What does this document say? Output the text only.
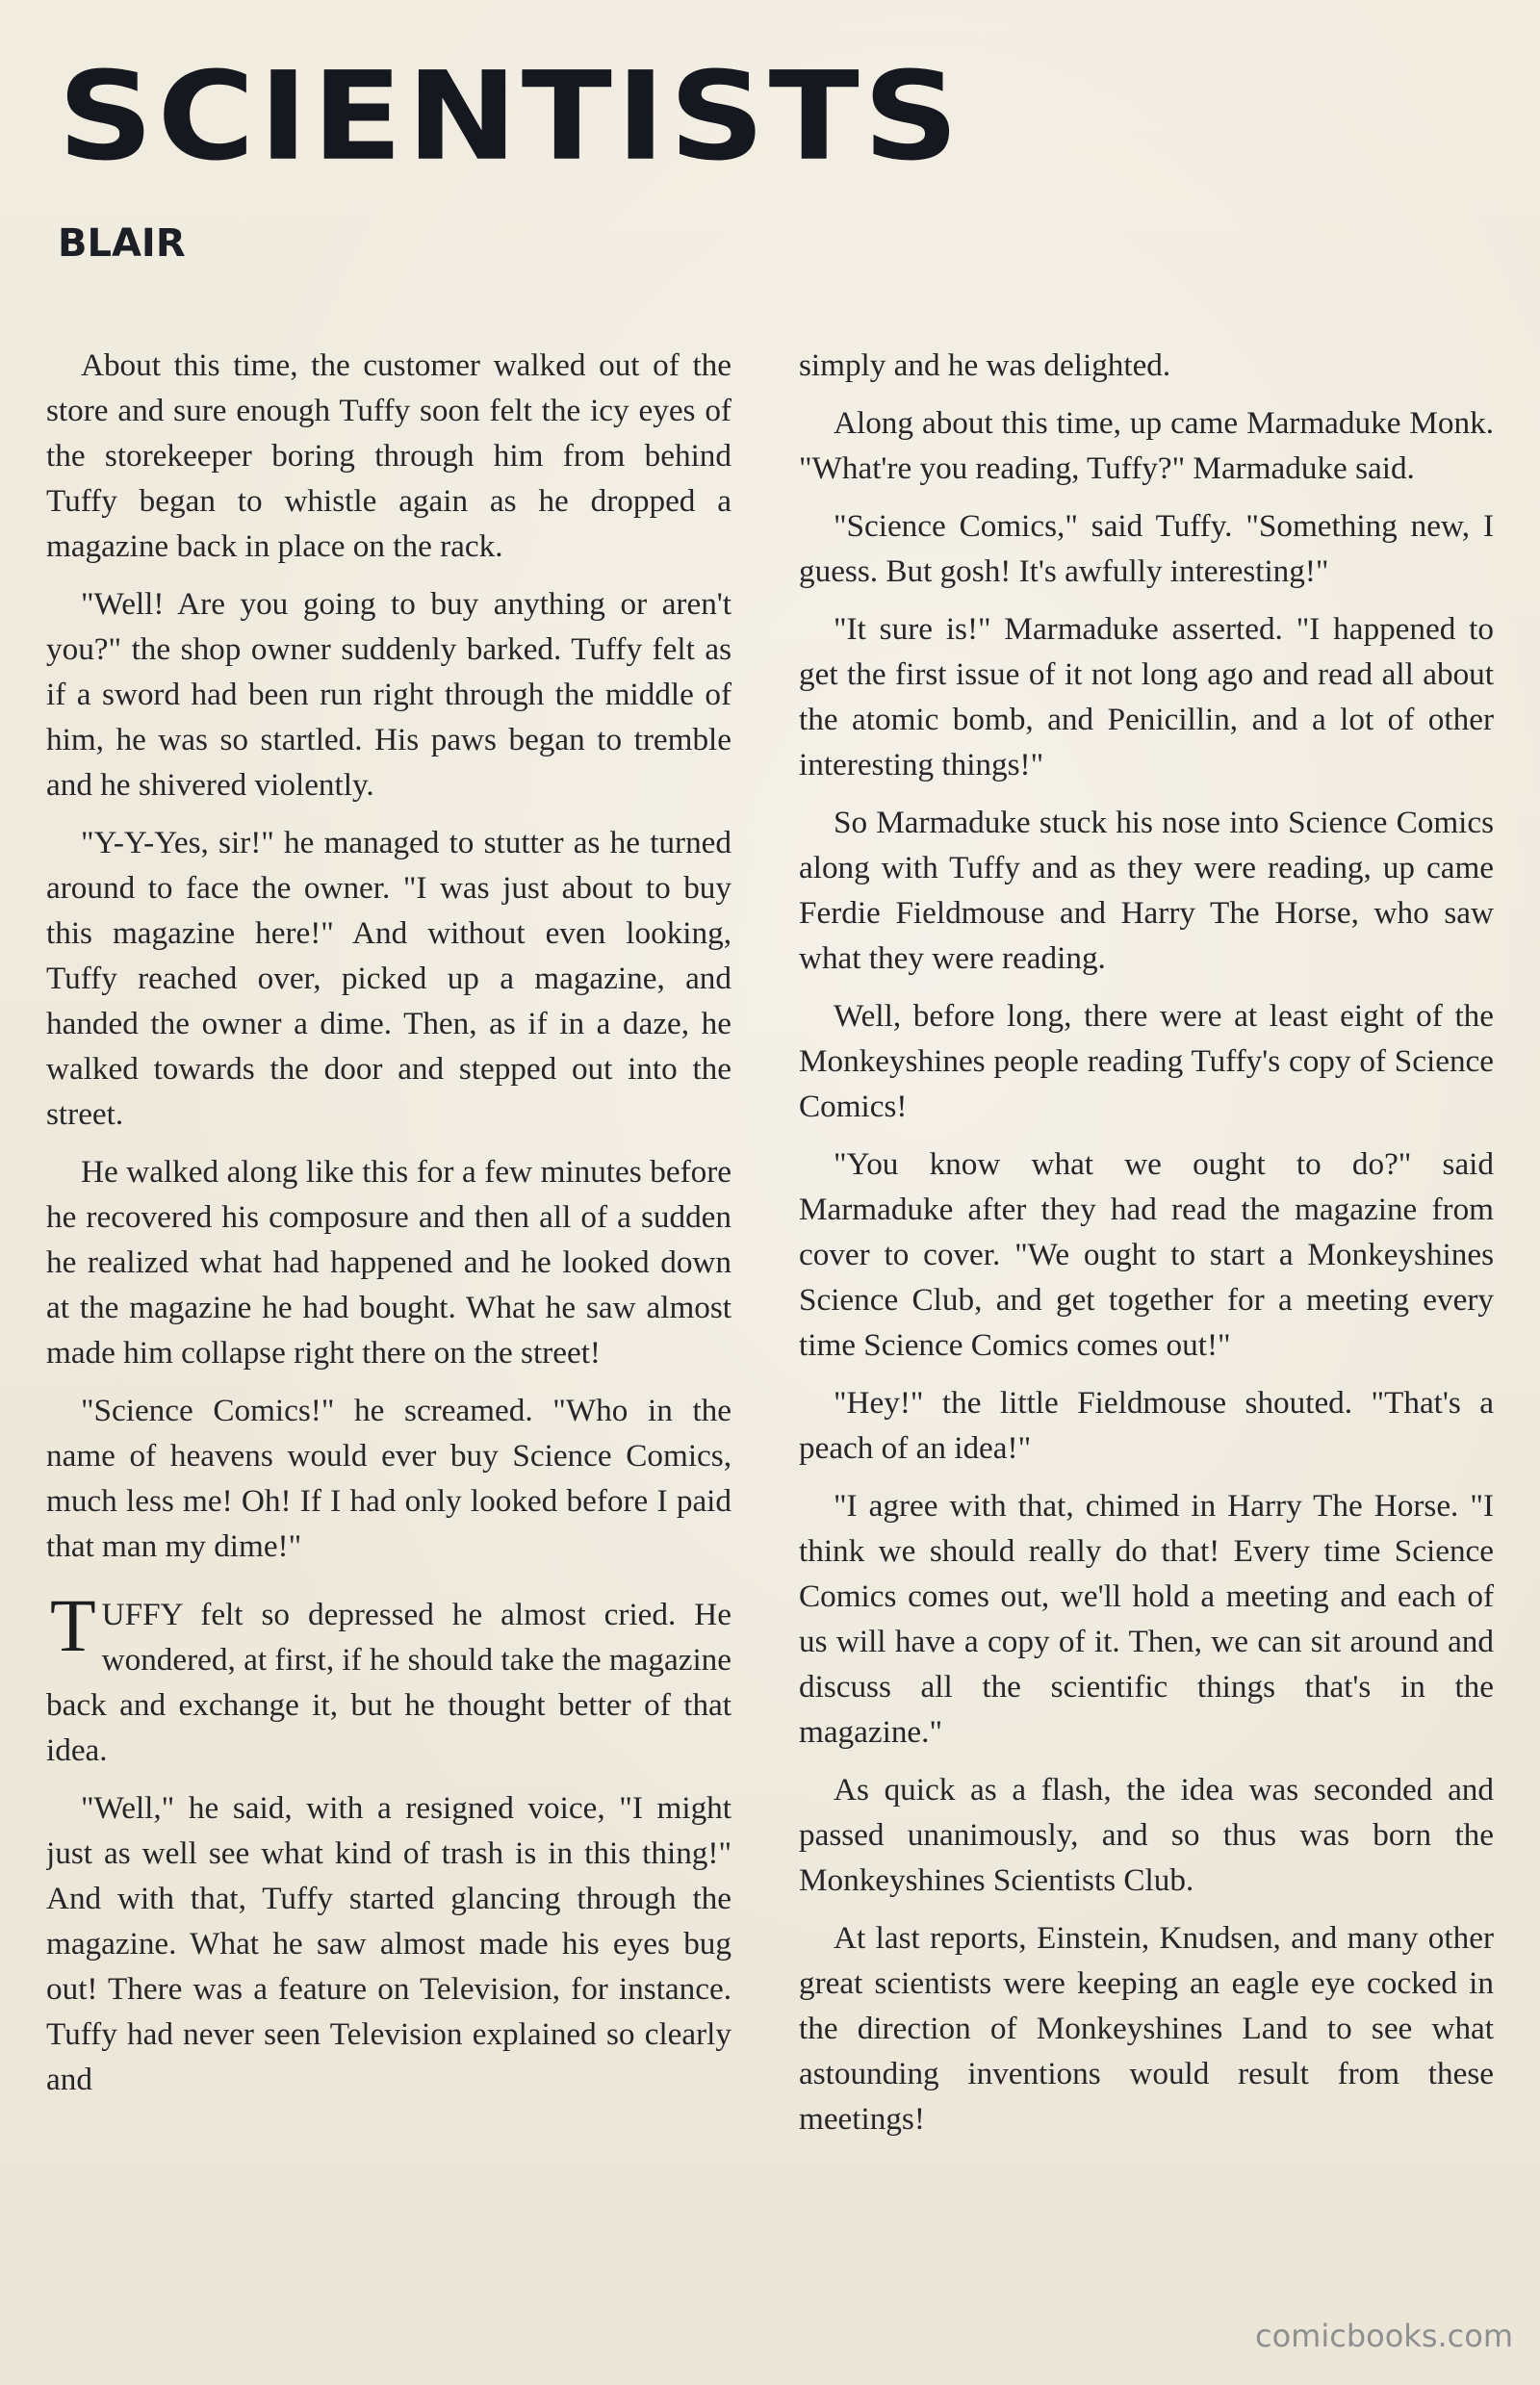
SCIENTISTS
BLAIR

About this time, the customer walked out of the store and sure enough Tuffy soon felt the icy eyes of the storekeeper boring through him from behind Tuffy began to whistle again as he dropped a magazine back in place on the rack.

"Well! Are you going to buy anything or aren't you?" the shop owner suddenly barked. Tuffy felt as if a sword had been run right through the middle of him, he was so startled. His paws began to tremble and he shivered violently.

"Y-Y-Yes, sir!" he managed to stutter as he turned around to face the owner. "I was just about to buy this magazine here!" And without even looking, Tuffy reached over, picked up a magazine, and handed the owner a dime. Then, as if in a daze, he walked towards the door and stepped out into the street.

He walked along like this for a few minutes before he recovered his composure and then all of a sudden he realized what had happened and he looked down at the magazine he had bought. What he saw almost made him collapse right there on the street!

"Science Comics!" he screamed. "Who in the name of heavens would ever buy Science Comics, much less me! Oh! If I had only looked before I paid that man my dime!"

TUFFY felt so depressed he almost cried. He wondered, at first, if he should take the magazine back and exchange it, but he thought better of that idea.

"Well," he said, with a resigned voice, "I might just as well see what kind of trash is in this thing!" And with that, Tuffy started glancing through the magazine. What he saw almost made his eyes bug out! There was a feature on Television, for instance. Tuffy had never seen Television explained so clearly and

simply and he was delighted.

Along about this time, up came Marmaduke Monk. "What're you reading, Tuffy?" Marmaduke said.

"Science Comics," said Tuffy. "Something new, I guess. But gosh! It's awfully interesting!"

"It sure is!" Marmaduke asserted. "I happened to get the first issue of it not long ago and read all about the atomic bomb, and Penicillin, and a lot of other interesting things!"

So Marmaduke stuck his nose into Science Comics along with Tuffy and as they were reading, up came Ferdie Fieldmouse and Harry The Horse, who saw what they were reading.

Well, before long, there were at least eight of the Monkeyshines people reading Tuffy's copy of Science Comics!

"You know what we ought to do?" said Marmaduke after they had read the magazine from cover to cover. "We ought to start a Monkeyshines Science Club, and get together for a meeting every time Science Comics comes out!"

"Hey!" the little Fieldmouse shouted. "That's a peach of an idea!"

"I agree with that, chimed in Harry The Horse. "I think we should really do that! Every time Science Comics comes out, we'll hold a meeting and each of us will have a copy of it. Then, we can sit around and discuss all the scientific things that's in the magazine."

As quick as a flash, the idea was seconded and passed unanimously, and so thus was born the Monkeyshines Scientists Club.

At last reports, Einstein, Knudsen, and many other great scientists were keeping an eagle eye cocked in the direction of Monkeyshines Land to see what astounding inventions would result from these meetings!

comicbooks.com
